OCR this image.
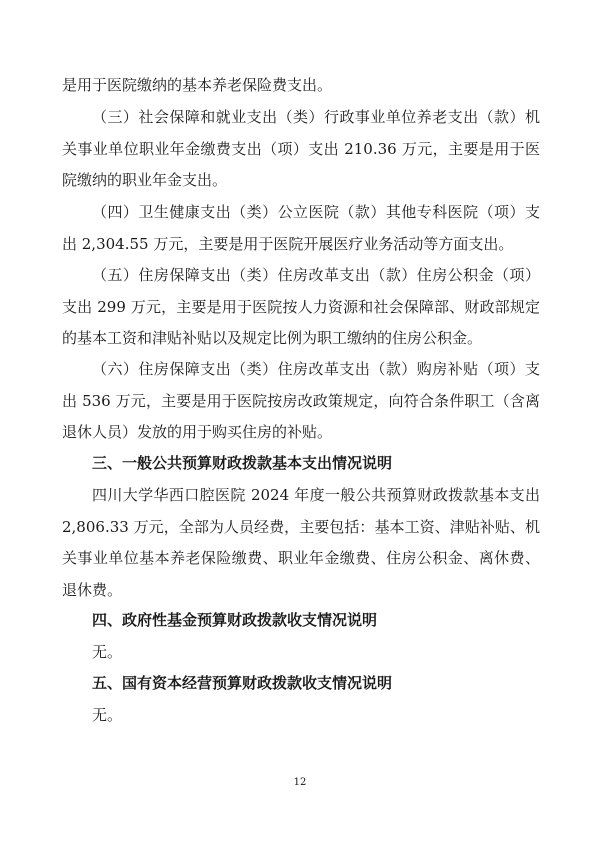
是用于医院缴纳的基本养老保险费支出。

（三）社会保障和就业支出（类）行政事业单位养老支出（款）机关事业单位职业年金缴费支出（项）支出 210.36 万元，主要是用于医院缴纳的职业年金支出。

（四）卫生健康支出（类）公立医院（款）其他专科医院（项）支出 2,304.55 万元，主要是用于医院开展医疗业务活动等方面支出。

（五）住房保障支出（类）住房改革支出（款）住房公积金（项）支出 299 万元，主要是用于医院按人力资源和社会保障部、财政部规定的基本工资和津贴补贴以及规定比例为职工缴纳的住房公积金。

（六）住房保障支出（类）住房改革支出（款）购房补贴（项）支出 536 万元，主要是用于医院按房改政策规定，向符合条件职工（含离退休人员）发放的用于购买住房的补贴。

三、一般公共预算财政拨款基本支出情况说明

四川大学华西口腔医院 2024 年度一般公共预算财政拨款基本支出 2,806.33 万元，全部为人员经费，主要包括：基本工资、津贴补贴、机关事业单位基本养老保险缴费、职业年金缴费、住房公积金、离休费、退休费。

四、政府性基金预算财政拨款收支情况说明

无。

五、国有资本经营预算财政拨款收支情况说明

无。

12
